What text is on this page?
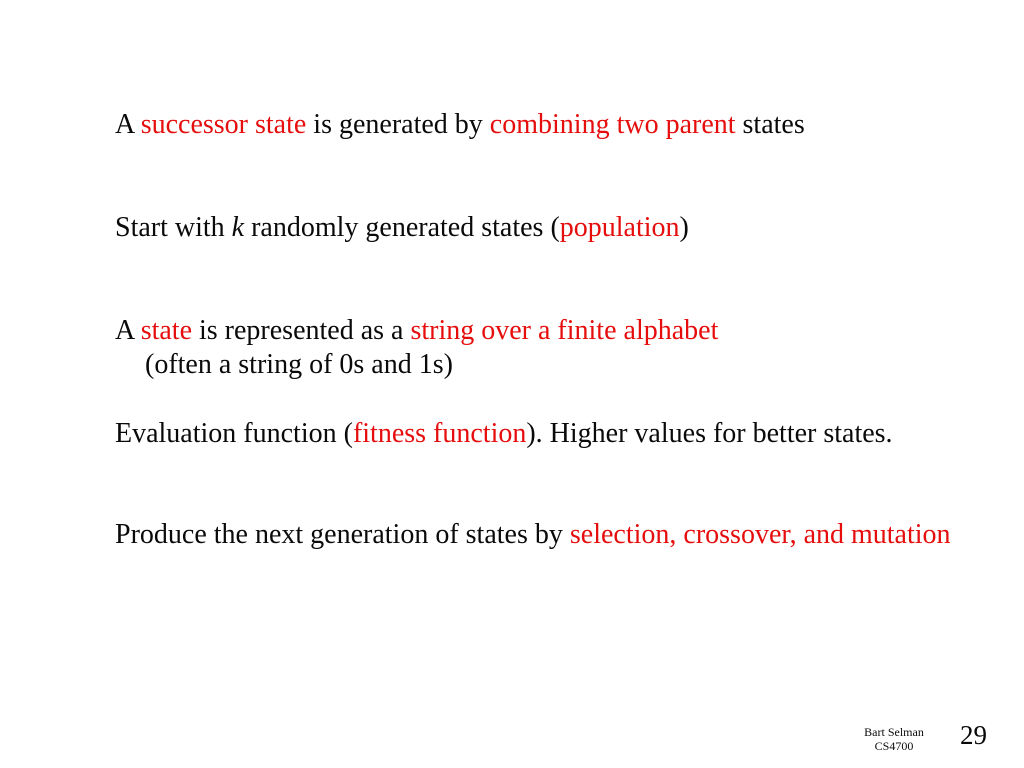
A successor state is generated by combining two parent states
Start with k randomly generated states (population)
A state is represented as a string over a finite alphabet
(often a string of 0s and 1s)
Evaluation function (fitness function). Higher values for better states.
Produce the next generation of states by selection, crossover, and mutation
Bart Selman
CS4700	29
